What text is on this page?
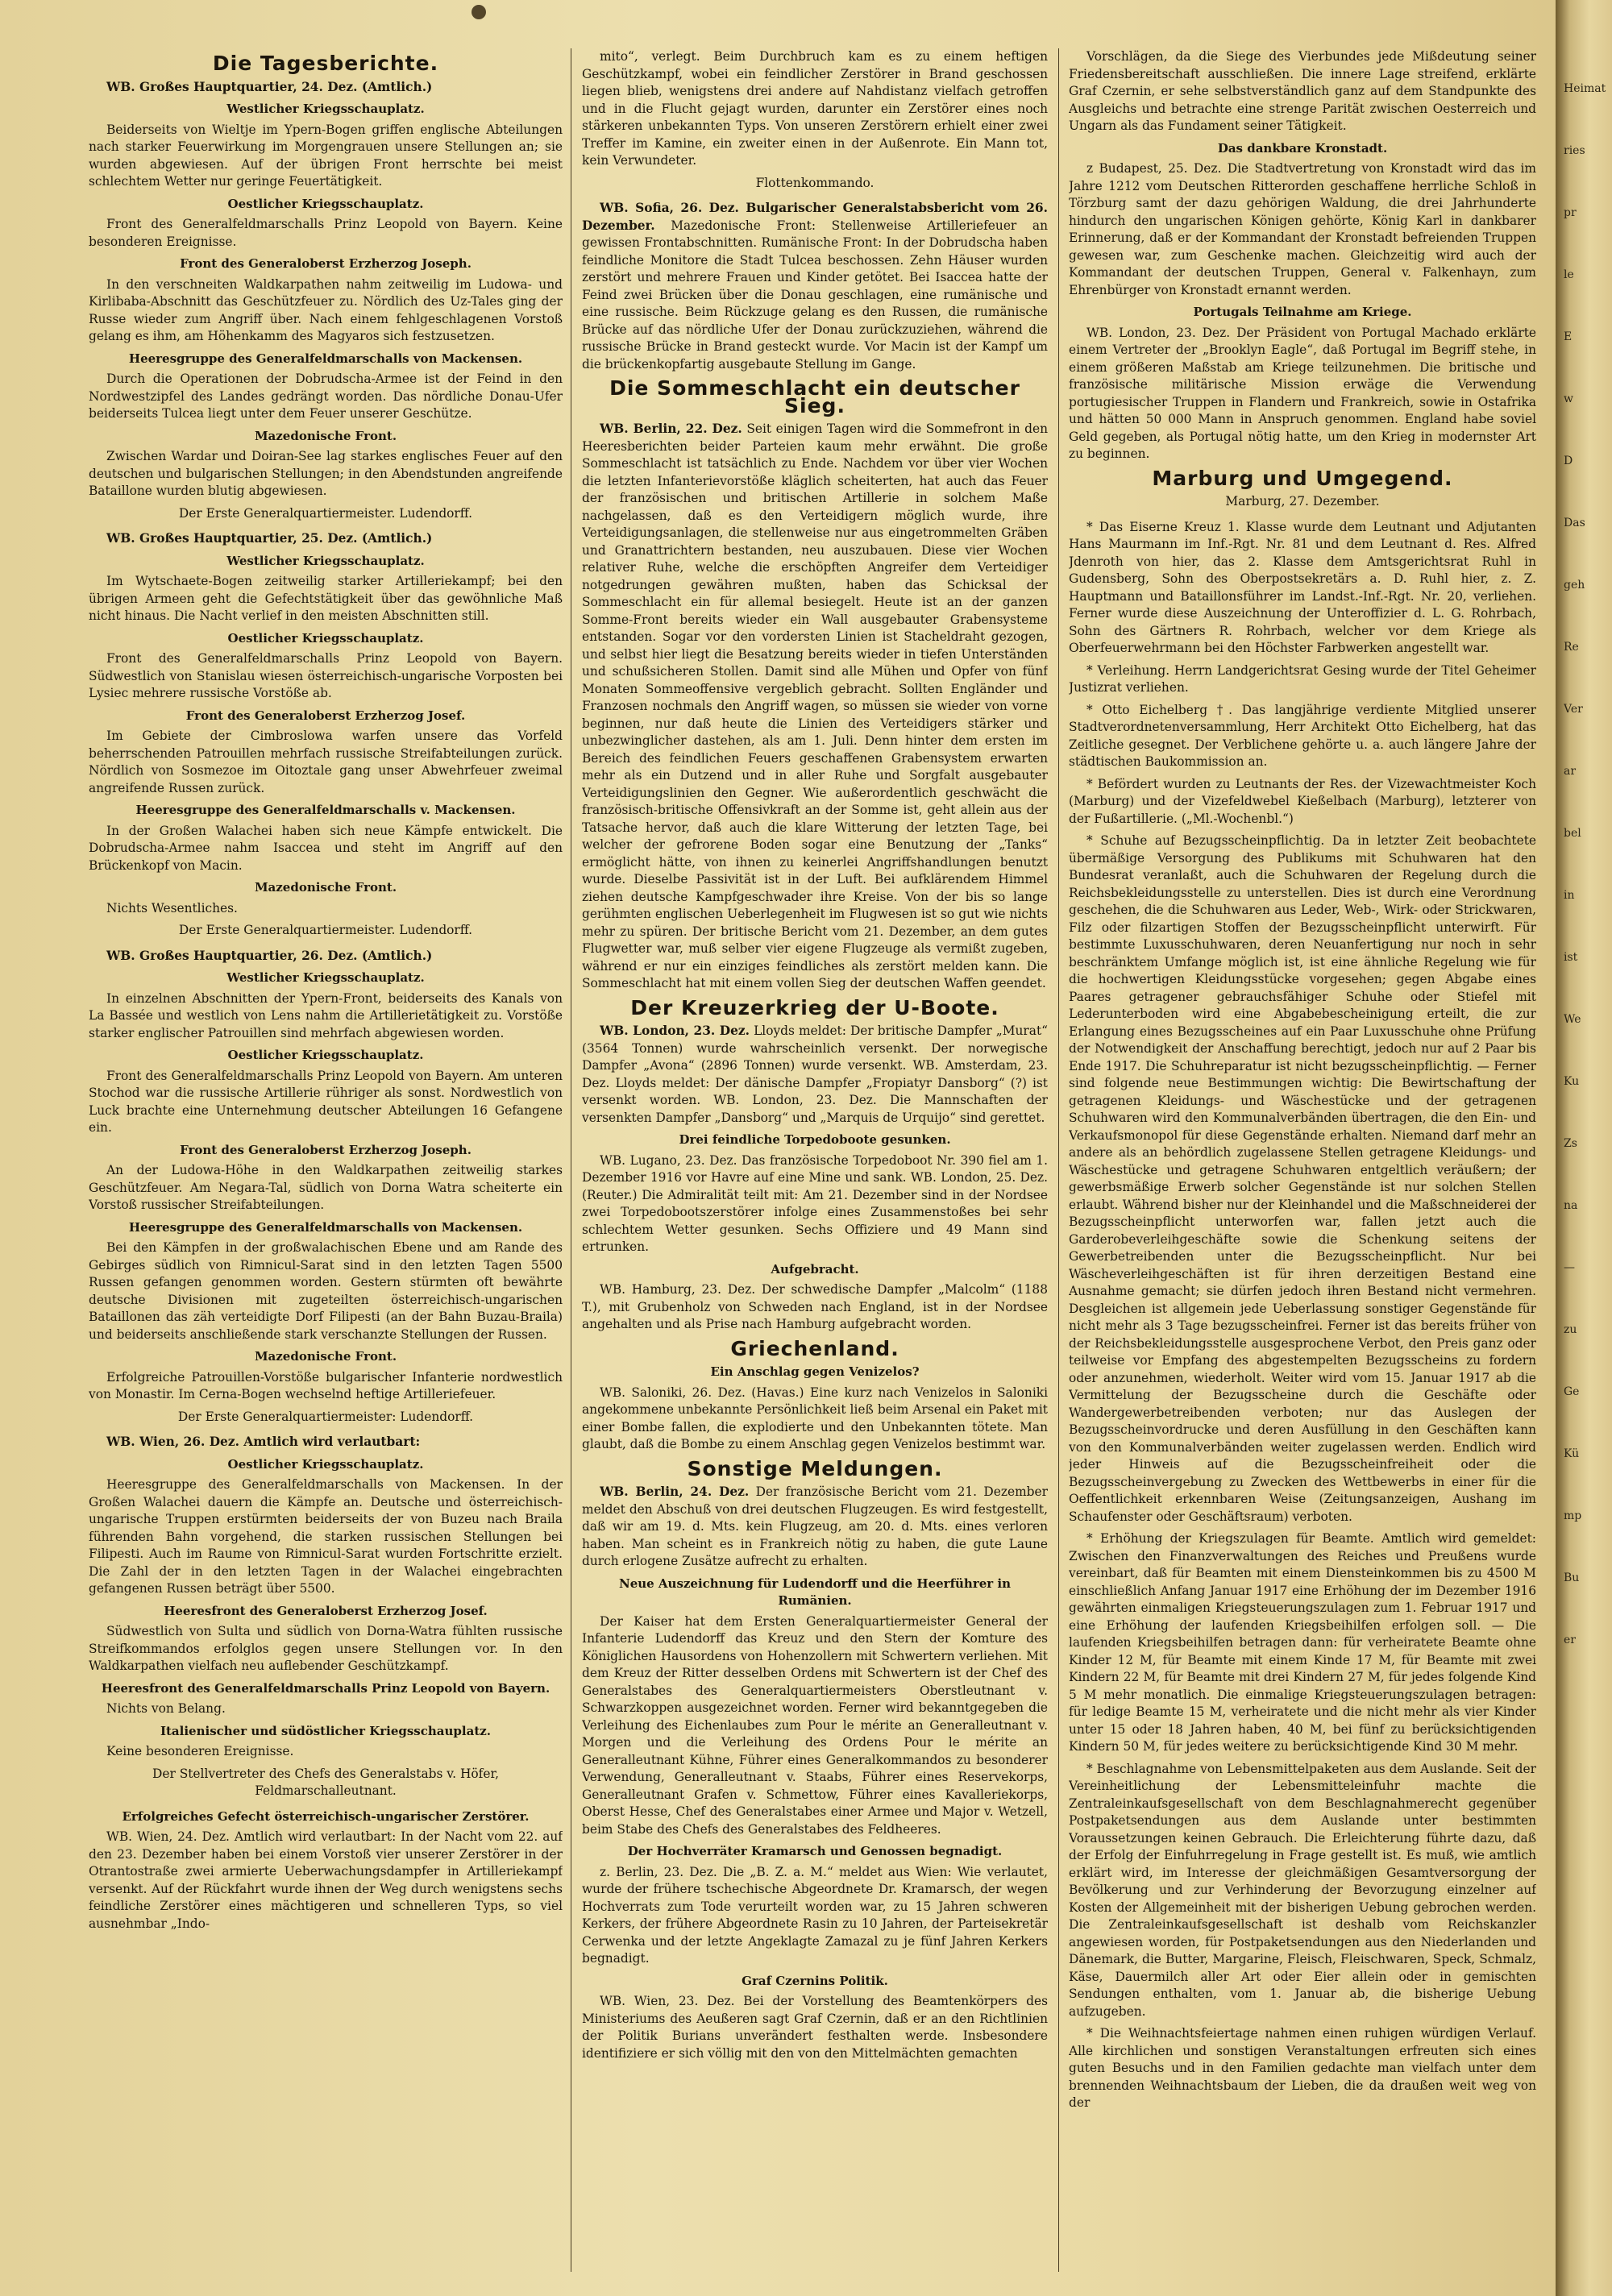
Die Tagesberichte.

WB. Großes Hauptquartier, 24. Dez. (Amtlich.)

Westlicher Kriegsschauplatz.

Beiderseits von Wieltje im Ypern-Bogen griffen englische Abteilungen nach starker Feuerwirkung im Morgengrauen unsere Stellungen an; sie wurden abgewiesen. Auf der übrigen Front herrschte bei meist schlechtem Wetter nur geringe Feuertätigkeit.

Oestlicher Kriegsschauplatz.

Front des Generalfeldmarschalls Prinz Leopold von Bayern. Keine besonderen Ereignisse.

Front des Generaloberst Erzherzog Joseph.

In den verschneiten Waldkarpathen nahm zeitweilig im Ludowa- und Kirlibaba-Abschnitt das Geschützfeuer zu. Nördlich des Uz-Tales ging der Russe wieder zum Angriff über. Nach einem fehlgeschlagenen Vorstoß gelang es ihm, am Höhenkamm des Magyaros sich festzusetzen.

Heeresgruppe des Generalfeldmarschalls von Mackensen.

Durch die Operationen der Dobrudscha-Armee ist der Feind in den Nordwestzipfel des Landes gedrängt worden. Das nördliche Donau-Ufer beiderseits Tulcea liegt unter dem Feuer unserer Geschütze.

Mazedonische Front.

Zwischen Wardar und Doiran-See lag starkes englisches Feuer auf den deutschen und bulgarischen Stellungen; in den Abendstunden angreifende Bataillone wurden blutig abgewiesen.

Der Erste Generalquartiermeister. Ludendorff.

WB. Großes Hauptquartier, 25. Dez. (Amtlich.)

Westlicher Kriegsschauplatz.

Im Wytschaete-Bogen zeitweilig starker Artilleriekampf; bei den übrigen Armeen geht die Gefechtstätigkeit über das gewöhnliche Maß nicht hinaus. Die Nacht verlief in den meisten Abschnitten still.

Oestlicher Kriegsschauplatz.

Front des Generalfeldmarschalls Prinz Leopold von Bayern. Südwestlich von Stanislau wiesen österreichisch-ungarische Vorposten bei Lysiec mehrere russische Vorstöße ab.

Front des Generaloberst Erzherzog Josef.

Im Gebiete der Cimbroslowa warfen unsere das Vorfeld beherrschenden Patrouillen mehrfach russische Streifabteilungen zurück. Nördlich von Sosmezoe im Oitoztale gang unser Abwehrfeuer zweimal angreifende Russen zurück.

Heeresgruppe des Generalfeldmarschalls v. Mackensen.

In der Großen Walachei haben sich neue Kämpfe entwickelt. Die Dobrudscha-Armee nahm Isaccea und steht im Angriff auf den Brückenkopf von Macin.

Mazedonische Front.

Nichts Wesentliches.

Der Erste Generalquartiermeister. Ludendorff.

WB. Großes Hauptquartier, 26. Dez. (Amtlich.)

Westlicher Kriegsschauplatz.

In einzelnen Abschnitten der Ypern-Front, beiderseits des Kanals von La Bassée und westlich von Lens nahm die Artillerietätigkeit zu. Vorstöße starker englischer Patrouillen sind mehrfach abgewiesen worden.

Oestlicher Kriegsschauplatz.

Front des Generalfeldmarschalls Prinz Leopold von Bayern. Am unteren Stochod war die russische Artillerie rühriger als sonst. Nordwestlich von Luck brachte eine Unternehmung deutscher Abteilungen 16 Gefangene ein.

Front des Generaloberst Erzherzog Joseph.

An der Ludowa-Höhe in den Waldkarpathen zeitweilig starkes Geschützfeuer. Am Negara-Tal, südlich von Dorna Watra scheiterte ein Vorstoß russischer Streifabteilungen.

Heeresgruppe des Generalfeldmarschalls von Mackensen.

Bei den Kämpfen in der großwalachischen Ebene und am Rande des Gebirges südlich von Rimnicul-Sarat sind in den letzten Tagen 5500 Russen gefangen genommen worden. Gestern stürmten oft bewährte deutsche Divisionen mit zugeteilten österreichisch-ungarischen Bataillonen das zäh verteidigte Dorf Filipesti (an der Bahn Buzau-Braila) und beiderseits anschließende stark verschanzte Stellungen der Russen.

Mazedonische Front.

Erfolgreiche Patrouillen-Vorstöße bulgarischer Infanterie nordwestlich von Monastir. Im Cerna-Bogen wechselnd heftige Artilleriefeuer.

Der Erste Generalquartiermeister: Ludendorff.

WB. Wien, 26. Dez. Amtlich wird verlautbart:

Oestlicher Kriegsschauplatz.

Heeresgruppe des Generalfeldmarschalls von Mackensen. In der Großen Walachei dauern die Kämpfe an. Deutsche und österreichisch-ungarische Truppen erstürmten beiderseits der von Buzeu nach Braila führenden Bahn vorgehend, die starken russischen Stellungen bei Filipesti. Auch im Raume von Rimnicul-Sarat wurden Fortschritte erzielt. Die Zahl der in den letzten Tagen in der Walachei eingebrachten gefangenen Russen beträgt über 5500.

Heeresfront des Generaloberst Erzherzog Josef.

Südwestlich von Sulta und südlich von Dorna-Watra fühlten russische Streifkommandos erfolglos gegen unsere Stellungen vor. In den Waldkarpathen vielfach neu auflebender Geschützkampf.

Heeresfront des Generalfeldmarschalls Prinz Leopold von Bayern.

Nichts von Belang.

Italienischer und südöstlicher Kriegsschauplatz.

Keine besonderen Ereignisse.

Der Stellvertreter des Chefs des Generalstabs v. Höfer, Feldmarschalleutnant.
Erfolgreiches Gefecht österreichisch-ungarischer Zerstörer.

WB. Wien, 24. Dez. Amtlich wird verlautbart: In der Nacht vom 22. auf den 23. Dezember haben bei einem Vorstoß vier unserer Zerstörer in der Otrantostraße zwei armierte Ueberwachungsdampfer in Artilleriekampf versenkt. Auf der Rückfahrt wurde ihnen der Weg durch wenigstens sechs feindliche Zerstörer eines mächtigeren und schnelleren Typs, so viel ausnehmbar „Indo-

mito“, verlegt. Beim Durchbruch kam es zu einem heftigen Geschützkampf, wobei ein feindlicher Zerstörer in Brand geschossen liegen blieb, wenigstens drei andere auf Nahdistanz vielfach getroffen und in die Flucht gejagt wurden, darunter ein Zerstörer eines noch stärkeren unbekannten Typs. Von unseren Zerstörern erhielt einer zwei Treffer im Kamine, ein zweiter einen in der Außenrote. Ein Mann tot, kein Verwundeter.

Flottenkommando.

WB. Sofia, 26. Dez. Bulgarischer Generalstabsbericht vom 26. Dezember. Mazedonische Front: Stellenweise Artilleriefeuer an gewissen Frontabschnitten. Rumänische Front: In der Dobrudscha haben feindliche Monitore die Stadt Tulcea beschossen. Zehn Häuser wurden zerstört und mehrere Frauen und Kinder getötet. Bei Isaccea hatte der Feind zwei Brücken über die Donau geschlagen, eine rumänische und eine russische. Beim Rückzuge gelang es den Russen, die rumänische Brücke auf das nördliche Ufer der Donau zurückzuziehen, während die russische Brücke in Brand gesteckt wurde. Vor Macin ist der Kampf um die brückenkopfartig ausgebaute Stellung im Gange.

Die Sommeschlacht ein deutscher Sieg.

WB. Berlin, 22. Dez. Seit einigen Tagen wird die Sommefront in den Heeresberichten beider Parteien kaum mehr erwähnt. Die große Sommeschlacht ist tatsächlich zu Ende. Nachdem vor über vier Wochen die letzten Infanterievorstöße kläglich scheiterten, hat auch das Feuer der französischen und britischen Artillerie in solchem Maße nachgelassen, daß es den Verteidigern möglich wurde, ihre Verteidigungsanlagen, die stellenweise nur aus eingetrommelten Gräben und Granattrichtern bestanden, neu auszubauen. Diese vier Wochen relativer Ruhe, welche die erschöpften Angreifer dem Verteidiger notgedrungen gewähren mußten, haben das Schicksal der Sommeschlacht ein für allemal besiegelt. Heute ist an der ganzen Somme-Front bereits wieder ein Wall ausgebauter Grabensysteme entstanden. Sogar vor den vordersten Linien ist Stacheldraht gezogen, und selbst hier liegt die Besatzung bereits wieder in tiefen Unterständen und schußsicheren Stollen. Damit sind alle Mühen und Opfer von fünf Monaten Sommeoffensive vergeblich gebracht. Sollten Engländer und Franzosen nochmals den Angriff wagen, so müssen sie wieder von vorne beginnen, nur daß heute die Linien des Verteidigers stärker und unbezwinglicher dastehen, als am 1. Juli. Denn hinter dem ersten im Bereich des feindlichen Feuers geschaffenen Grabensystem erwarten mehr als ein Dutzend und in aller Ruhe und Sorgfalt ausgebauter Verteidigungslinien den Gegner. Wie außerordentlich geschwächt die französisch-britische Offensivkraft an der Somme ist, geht allein aus der Tatsache hervor, daß auch die klare Witterung der letzten Tage, bei welcher der gefrorene Boden sogar eine Benutzung der „Tanks“ ermöglicht hätte, von ihnen zu keinerlei Angriffshandlungen benutzt wurde. Dieselbe Passivität ist in der Luft. Bei aufklärendem Himmel ziehen deutsche Kampfgeschwader ihre Kreise. Von der bis so lange gerühmten englischen Ueberlegenheit im Flugwesen ist so gut wie nichts mehr zu spüren. Der britische Bericht vom 21. Dezember, an dem gutes Flugwetter war, muß selber vier eigene Flugzeuge als vermißt zugeben, während er nur ein einziges feindliches als zerstört melden kann. Die Sommeschlacht hat mit einem vollen Sieg der deutschen Waffen geendet.

Der Kreuzerkrieg der U-Boote.

WB. London, 23. Dez. Lloyds meldet: Der britische Dampfer „Murat“ (3564 Tonnen) wurde wahrscheinlich versenkt. Der norwegische Dampfer „Avona“ (2896 Tonnen) wurde versenkt. WB. Amsterdam, 23. Dez. Lloyds meldet: Der dänische Dampfer „Fropiatyr Dansborg“ (?) ist versenkt worden. WB. London, 23. Dez. Die Mannschaften der versenkten Dampfer „Dansborg“ und „Marquis de Urquijo“ sind gerettet.

Drei feindliche Torpedoboote gesunken.

WB. Lugano, 23. Dez. Das französische Torpedoboot Nr. 390 fiel am 1. Dezember 1916 vor Havre auf eine Mine und sank. WB. London, 25. Dez. (Reuter.) Die Admiralität teilt mit: Am 21. Dezember sind in der Nordsee zwei Torpedobootszerstörer infolge eines Zusammenstoßes bei sehr schlechtem Wetter gesunken. Sechs Offiziere und 49 Mann sind ertrunken.

Aufgebracht.

WB. Hamburg, 23. Dez. Der schwedische Dampfer „Malcolm“ (1188 T.), mit Grubenholz von Schweden nach England, ist in der Nordsee angehalten und als Prise nach Hamburg aufgebracht worden.

Griechenland.
Ein Anschlag gegen Venizelos?

WB. Saloniki, 26. Dez. (Havas.) Eine kurz nach Venizelos in Saloniki angekommene unbekannte Persönlichkeit ließ beim Arsenal ein Paket mit einer Bombe fallen, die explodierte und den Unbekannten tötete. Man glaubt, daß die Bombe zu einem Anschlag gegen Venizelos bestimmt war.

Sonstige Meldungen.

WB. Berlin, 24. Dez. Der französische Bericht vom 21. Dezember meldet den Abschuß von drei deutschen Flugzeugen. Es wird festgestellt, daß wir am 19. d. Mts. kein Flugzeug, am 20. d. Mts. eines verloren haben. Man scheint es in Frankreich nötig zu haben, die gute Laune durch erlogene Zusätze aufrecht zu erhalten.

Neue Auszeichnung für Ludendorff und die Heerführer in Rumänien.

Der Kaiser hat dem Ersten Generalquartiermeister General der Infanterie Ludendorff das Kreuz und den Stern der Komture des Königlichen Hausordens von Hohenzollern mit Schwertern verliehen. Mit dem Kreuz der Ritter desselben Ordens mit Schwertern ist der Chef des Generalstabes des Generalquartiermeisters Oberstleutnant v. Schwarzkoppen ausgezeichnet worden. Ferner wird bekanntgegeben die Verleihung des Eichenlaubes zum Pour le mérite an Generalleutnant v. Morgen und die Verleihung des Ordens Pour le mérite an Generalleutnant Kühne, Führer eines Generalkommandos zu besonderer Verwendung, Generalleutnant v. Staabs, Führer eines Reservekorps, Generalleutnant Grafen v. Schmettow, Führer eines Kavalleriekorps, Oberst Hesse, Chef des Generalstabes einer Armee und Major v. Wetzell, beim Stabe des Chefs des Generalstabes des Feldheeres.

Der Hochverräter Kramarsch und Genossen begnadigt.

z. Berlin, 23. Dez. Die „B. Z. a. M.“ meldet aus Wien: Wie verlautet, wurde der frühere tschechische Abgeordnete Dr. Kramarsch, der wegen Hochverrats zum Tode verurteilt worden war, zu 15 Jahren schweren Kerkers, der frühere Abgeordnete Rasin zu 10 Jahren, der Parteisekretär Cerwenka und der letzte Angeklagte Zamazal zu je fünf Jahren Kerkers begnadigt.

Graf Czernins Politik.

WB. Wien, 23. Dez. Bei der Vorstellung des Beamtenkörpers des Ministeriums des Aeußeren sagt Graf Czernin, daß er an den Richtlinien der Politik Burians unverändert festhalten werde. Insbesondere identifiziere er sich völlig mit den von den Mittelmächten gemachten

Vorschlägen, da die Siege des Vierbundes jede Mißdeutung seiner Friedensbereitschaft ausschließen. Die innere Lage streifend, erklärte Graf Czernin, er sehe selbstverständlich ganz auf dem Standpunkte des Ausgleichs und betrachte eine strenge Parität zwischen Oesterreich und Ungarn als das Fundament seiner Tätigkeit.

Das dankbare Kronstadt.

z Budapest, 25. Dez. Die Stadtvertretung von Kronstadt wird das im Jahre 1212 vom Deutschen Ritterorden geschaffene herrliche Schloß in Törzburg samt der dazu gehörigen Waldung, die drei Jahrhunderte hindurch den ungarischen Königen gehörte, König Karl in dankbarer Erinnerung, daß er der Kommandant der Kronstadt befreienden Truppen gewesen war, zum Geschenke machen. Gleichzeitig wird auch der Kommandant der deutschen Truppen, General v. Falkenhayn, zum Ehrenbürger von Kronstadt ernannt werden.

Portugals Teilnahme am Kriege.

WB. London, 23. Dez. Der Präsident von Portugal Machado erklärte einem Vertreter der „Brooklyn Eagle“, daß Portugal im Begriff stehe, in einem größeren Maßstab am Kriege teilzunehmen. Die britische und französische militärische Mission erwäge die Verwendung portugiesischer Truppen in Flandern und Frankreich, sowie in Ostafrika und hätten 50 000 Mann in Anspruch genommen. England habe soviel Geld gegeben, als Portugal nötig hatte, um den Krieg in modernster Art zu beginnen.

Marburg und Umgegend.
Marburg, 27. Dezember.

* Das Eiserne Kreuz 1. Klasse wurde dem Leutnant und Adjutanten Hans Maurmann im Inf.-Rgt. Nr. 81 und dem Leutnant d. Res. Alfred Jdenroth von hier, das 2. Klasse dem Amtsgerichtsrat Ruhl in Gudensberg, Sohn des Oberpostsekretärs a. D. Ruhl hier, z. Z. Hauptmann und Bataillonsführer im Landst.-Inf.-Rgt. Nr. 20, verliehen. Ferner wurde diese Auszeichnung der Unteroffizier d. L. G. Rohrbach, Sohn des Gärtners R. Rohrbach, welcher vor dem Kriege als Oberfeuerwehrmann bei den Höchster Farbwerken angestellt war.

* Verleihung. Herrn Landgerichtsrat Gesing wurde der Titel Geheimer Justizrat verliehen.

* Otto Eichelberg †. Das langjährige verdiente Mitglied unserer Stadtverordnetenversammlung, Herr Architekt Otto Eichelberg, hat das Zeitliche gesegnet. Der Verblichene gehörte u. a. auch längere Jahre der städtischen Baukommission an.

* Befördert wurden zu Leutnants der Res. der Vizewachtmeister Koch (Marburg) und der Vizefeldwebel Kießelbach (Marburg), letzterer von der Fußartillerie. („Ml.-Wochenbl.“)

* Schuhe auf Bezugsscheinpflichtig. Da in letzter Zeit beobachtete übermäßige Versorgung des Publikums mit Schuhwaren hat den Bundesrat veranlaßt, auch die Schuhwaren der Regelung durch die Reichsbekleidungsstelle zu unterstellen. Dies ist durch eine Verordnung geschehen, die die Schuhwaren aus Leder, Web-, Wirk- oder Strickwaren, Filz oder filzartigen Stoffen der Bezugsscheinpflicht unterwirft. Für bestimmte Luxusschuhwaren, deren Neuanfertigung nur noch in sehr beschränktem Umfange möglich ist, ist eine ähnliche Regelung wie für die hochwertigen Kleidungsstücke vorgesehen; gegen Abgabe eines Paares getragener gebrauchsfähiger Schuhe oder Stiefel mit Lederunterboden wird eine Abgabebescheinigung erteilt, die zur Erlangung eines Bezugsscheines auf ein Paar Luxusschuhe ohne Prüfung der Notwendigkeit der Anschaffung berechtigt, jedoch nur auf 2 Paar bis Ende 1917. Die Schuhreparatur ist nicht bezugsscheinpflichtig. — Ferner sind folgende neue Bestimmungen wichtig: Die Bewirtschaftung der getragenen Kleidungs- und Wäschestücke und der getragenen Schuhwaren wird den Kommunalverbänden übertragen, die den Ein- und Verkaufsmonopol für diese Gegenstände erhalten. Niemand darf mehr an andere als an behördlich zugelassene Stellen getragene Kleidungs- und Wäschestücke und getragene Schuhwaren entgeltlich veräußern; der gewerbsmäßige Erwerb solcher Gegenstände ist nur solchen Stellen erlaubt. Während bisher nur der Kleinhandel und die Maßschneiderei der Bezugsscheinpflicht unterworfen war, fallen jetzt auch die Garderobeverleihgeschäfte sowie die Schenkung seitens der Gewerbetreibenden unter die Bezugsscheinpflicht. Nur bei Wäscheverleihgeschäften ist für ihren derzeitigen Bestand eine Ausnahme gemacht; sie dürfen jedoch ihren Bestand nicht vermehren. Desgleichen ist allgemein jede Ueberlassung sonstiger Gegenstände für nicht mehr als 3 Tage bezugsscheinfrei. Ferner ist das bereits früher von der Reichsbekleidungsstelle ausgesprochene Verbot, den Preis ganz oder teilweise vor Empfang des abgestempelten Bezugsscheins zu fordern oder anzunehmen, wiederholt. Weiter wird vom 15. Januar 1917 ab die Vermittelung der Bezugsscheine durch die Geschäfte oder Wandergewerbetreibenden verboten; nur das Auslegen der Bezugsscheinvordrucke und deren Ausfüllung in den Geschäften kann von den Kommunalverbänden weiter zugelassen werden. Endlich wird jeder Hinweis auf die Bezugsscheinfreiheit oder die Bezugsscheinvergebung zu Zwecken des Wettbewerbs in einer für die Oeffentlichkeit erkennbaren Weise (Zeitungsanzeigen, Aushang im Schaufenster oder Geschäftsraum) verboten.

* Erhöhung der Kriegszulagen für Beamte. Amtlich wird gemeldet: Zwischen den Finanzverwaltungen des Reiches und Preußens wurde vereinbart, daß für Beamten mit einem Diensteinkommen bis zu 4500 M einschließlich Anfang Januar 1917 eine Erhöhung der im Dezember 1916 gewährten einmaligen Kriegsteuerungszulagen zum 1. Februar 1917 und eine Erhöhung der laufenden Kriegsbeihilfen erfolgen soll. — Die laufenden Kriegsbeihilfen betragen dann: für verheiratete Beamte ohne Kinder 12 M, für Beamte mit einem Kinde 17 M, für Beamte mit zwei Kindern 22 M, für Beamte mit drei Kindern 27 M, für jedes folgende Kind 5 M mehr monatlich. Die einmalige Kriegsteuerungszulagen betragen: für ledige Beamte 15 M, verheiratete und die nicht mehr als vier Kinder unter 15 oder 18 Jahren haben, 40 M, bei fünf zu berücksichtigenden Kindern 50 M, für jedes weitere zu berücksichtigende Kind 30 M mehr.

* Beschlagnahme von Lebensmittelpaketen aus dem Auslande. Seit der Vereinheitlichung der Lebensmitteleinfuhr machte die Zentraleinkaufsgesellschaft von dem Beschlagnahmerecht gegenüber Postpaketsendungen aus dem Auslande unter bestimmten Voraussetzungen keinen Gebrauch. Die Erleichterung führte dazu, daß der Erfolg der Einfuhrregelung in Frage gestellt ist. Es muß, wie amtlich erklärt wird, im Interesse der gleichmäßigen Gesamtversorgung der Bevölkerung und zur Verhinderung der Bevorzugung einzelner auf Kosten der Allgemeinheit mit der bisherigen Uebung gebrochen werden. Die Zentraleinkaufsgesellschaft ist deshalb vom Reichskanzler angewiesen worden, für Postpaketsendungen aus den Niederlanden und Dänemark, die Butter, Margarine, Fleisch, Fleischwaren, Speck, Schmalz, Käse, Dauermilch aller Art oder Eier allein oder in gemischten Sendungen enthalten, vom 1. Januar ab, die bisherige Uebung aufzugeben.

* Die Weihnachtsfeiertage nahmen einen ruhigen würdigen Verlauf. Alle kirchlichen und sonstigen Veranstaltungen erfreuten sich eines guten Besuchs und in den Familien gedachte man vielfach unter dem brennenden Weihnachtsbaum der Lieben, die da draußen weit weg von der

Heimat
ries
pr
le
E
w
D
Das
geh
Re
Ver
ar
bel
in
ist
We
Ku
Zs
na
—
zu
Ge
Kü
mp
Bu
er
